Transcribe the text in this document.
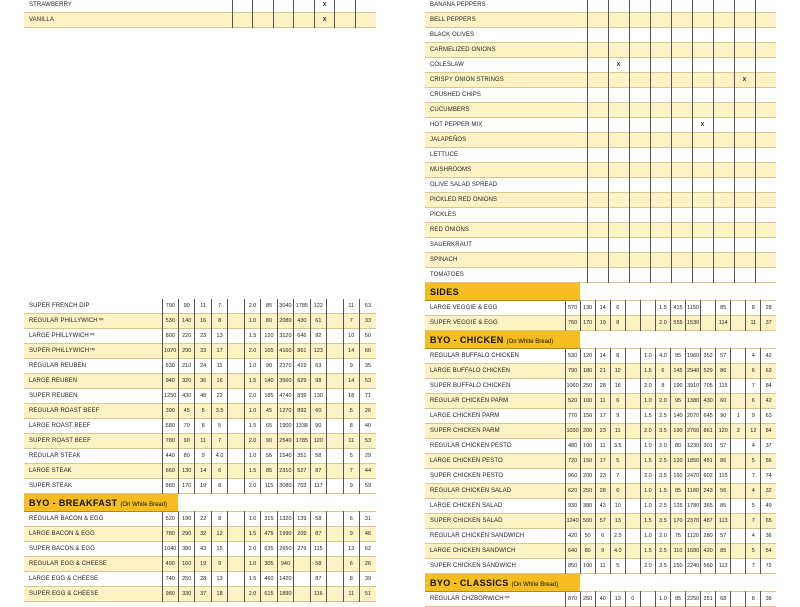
STRAWBERRY					X		
VANILLA					X		
BANANA PEPPERS									
BELL PEPPERS									
BLACK OLIVES									
CARMELIZED ONIONS									
COLESLAW		X							
CRISPY ONION STRINGS								X	
CRUSHED CHIPS									
CUCUMBERS									
HOT PEPPER MIX						X			
JALAPEÑOS									
LETTUCE									
MUSHROOMS									
OLIVE SALAD SPREAD									
PICKLED RED ONIONS									
PICKLES									
RED ONIONS									
SAUERKRAUT									
SPINACH									
TOMATOES									
SUPER FRENCH DIP	790	90	11	7		2.0	85	3040	1785	122		11	53
REGULAR PHILLYWICH™	530	140	16	8		1.0	80	2080	430	61		7	33
LARGE PHILLYWICH™	800	220	23	13		1.5	120	3120	646	92		10	50
SUPER PHILLYWICH™	1070	290	33	17		2.0	165	4160	861	123		14	66
REGULAR REUBEN	630	210	24	11		1.0	90	2370	419	63		9	35
LARGE REUBEN	940	320	36	16		1.5	140	3560	629	98		14	53
SUPER REUBEN	1250	430	48	22		2.0	185	4740	839	130		18	71
REGULAR ROAST BEEF	390	45	5	3.5		1.0	45	1270	892	60		5	26
LARGE ROAST BEEF	580	70	8	5		1.5	65	1900	1338	90		8	40
SUPER ROAST BEEF	780	90	11	7		2.0	90	2540	1785	120		11	53
REGULAR STEAK	440	80	9	4.0		1.0	55	1540	351	58		5	29
LARGE STEAK	660	130	14	6		1.5	85	2310	527	87		7	44
SUPER STEAK	880	170	19	8		2.0	115	3080	703	117		9	59
BYO - BREAKFAST (On White Bread)													
REGULAR BACON & EGG	520	190	22	8		1.0	315	1320	139	58		6	31
LARGE BACON & EGG	780	290	32	12		1.5	475	1990	209	87		9	46
SUPER BACON & EGG	1040	380	43	15		2.0	635	2650	279	115		13	62
REGULAR EGG & CHEESE	490	160	19	9		1.0	305	940		58		6	26
LARGE EGG & CHEESE	740	250	28	13		1.5	460	1420		87		8	39
SUPER EGG & CHEESE	980	330	37	18		2.0	615	1890		116		11	51
SIDES														
LARGE VEGGIE & EGG	570	130	14	6			1.5	415	1150		85		8	28
SUPER VEGGIE & EGG	760	170	19	8			2.0	555	1530		114		11	37
BYO - CHICKEN (On White Bread)														
REGULAR BUFFALO CHICKEN	530	120	14	8		1.0	4.0	95	1960	352	57		4	42
LARGE BUFFALO CHICKEN	790	180	21	12		1.5	6	145	2940	529	86		6	63
SUPER BUFFALO CHICKEN	1060	250	28	16		2.0	8	190	3910	705	115		7	84
REGULAR CHICKEN PARM	520	100	11	6		1.0	2.0	95	1380	430	60		6	42
LARGE CHICKEN PARM	770	150	17	9		1.5	2.5	140	2070	645	90	1	9	63
SUPER CHICKEN PARM	1030	200	23	11		2.0	3.5	190	2760	861	120	2	12	84
REGULAR CHICKEN PESTO	480	100	11	3.5		1.0	2.0	80	1230	301	57		4	37
LARGE CHICKEN PESTO	720	150	17	5		1.5	2.5	120	1850	451	86		5	56
SUPER CHICKEN PESTO	960	200	23	7		2.0	3.5	160	2470	602	115		7	74
REGULAR CHICKEN SALAD	620	250	28	6		1.0	1.5	85	1180	243	56		4	32
LARGE CHICKEN SALAD	930	380	43	10		1.0	2.5	125	1780	365	85		5	49
SUPER CHICKEN SALAD	1240	500	57	13		1.5	3.5	170	2370	487	113		7	65
REGULAR CHICKEN SANDWICH	420	50	6	2.5		1.0	2.0	75	1120	280	57		4	36
LARGE CHICKEN SANDWICH	640	80	9	4.0		1.5	2.5	110	1680	420	85		5	54
SUPER CHICKEN SANDWICH	850	100	11	5		2.0	3.5	150	2240	560	113		7	72
BYO - CLASSICS (On White Bread)														
REGULAR CHZBGRWICH™	870	250	40	13	0		1.0	95	2250	351	68		8	36
